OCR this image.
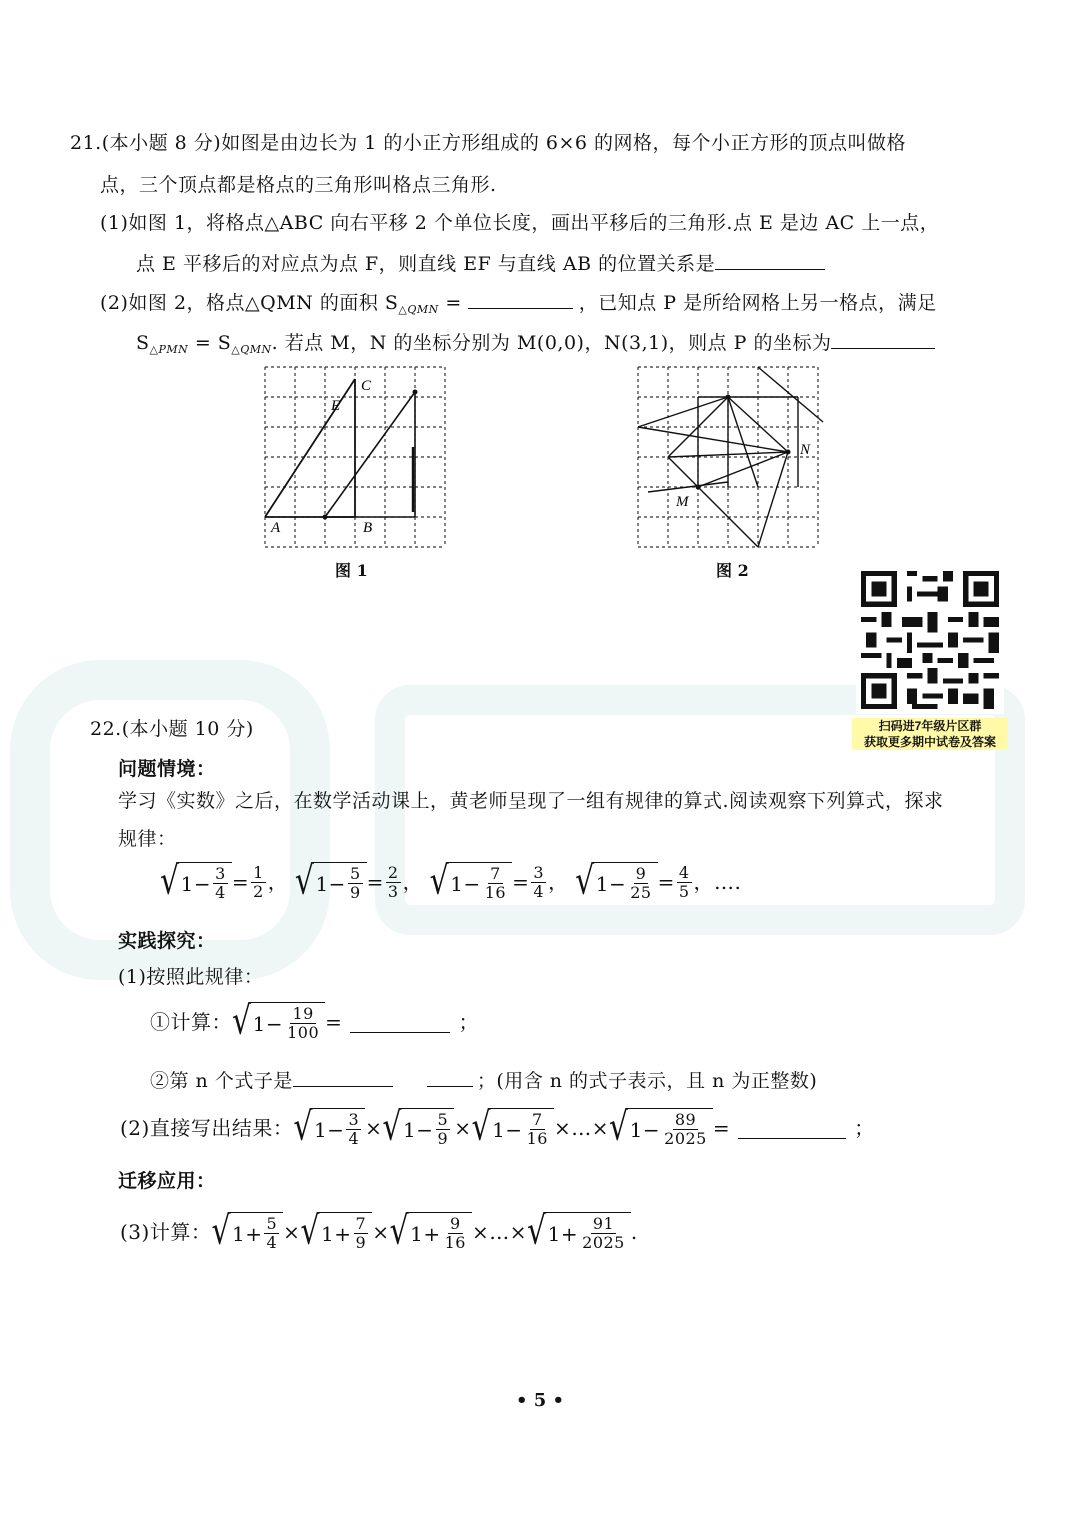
21.(本小题 8 分)如图是由边长为 1 的小正方形组成的 6×6 的网格，每个小正方形的顶点叫做格
点，三个顶点都是格点的三角形叫格点三角形.
(1)如图 1，将格点△ABC 向右平移 2 个单位长度，画出平移后的三角形.点 E 是边 AC 上一点，
点 E 平移后的对应点为点 F，则直线 EF 与直线 AB 的位置关系是
(2)如图 2，格点△QMN 的面积 $S_{\triangle QMN}$ =	，已知点 P 是所给网格上另一格点，满足
$S_{\triangle PMN} = S_{\triangle QMN}$. 若点 M，N 的坐标分别为 M(0,0)，N(3,1)，则点 P 的坐标为
A	B
C
E
图 1
M
N
图 2
扫码进7年级片区群
获取更多期中试卷及答案
22.(本小题 10 分)
问题情境：
学习《实数》之后，在数学活动课上，黄老师呈现了一组有规律的算式.阅读观察下列算式，探求
规律：
√ $1 - \frac{3}{4} = \frac{1}{2}$ ，
√ $1 - \frac{5}{9} = \frac{2}{3}$ ，
√ $1 - \frac{7}{16} = \frac{3}{4}$ ，
√ $1 - \frac{9}{25} = \frac{4}{5}$ ，….
实践探究：
(1)按照此规律：
①计算： √ $1 - \frac{19}{100}$ =	；
②第 n 个式子是	；(用含 n 的式子表示，且 n 为正整数)
(2)直接写出结果： √ $1 - \frac{3}{4}$ × √ $1 - \frac{5}{9}$ × √ $1 - \frac{7}{16}$ × … × √ $1 - \frac{89}{2025}$ =	；
迁移应用：
(3)计算： √ $1 + \frac{5}{4}$ × √ $1 + \frac{7}{9}$ × √ $1 + \frac{9}{16}$ × … × √ $1 + \frac{91}{2025}$ .
• 5 •
